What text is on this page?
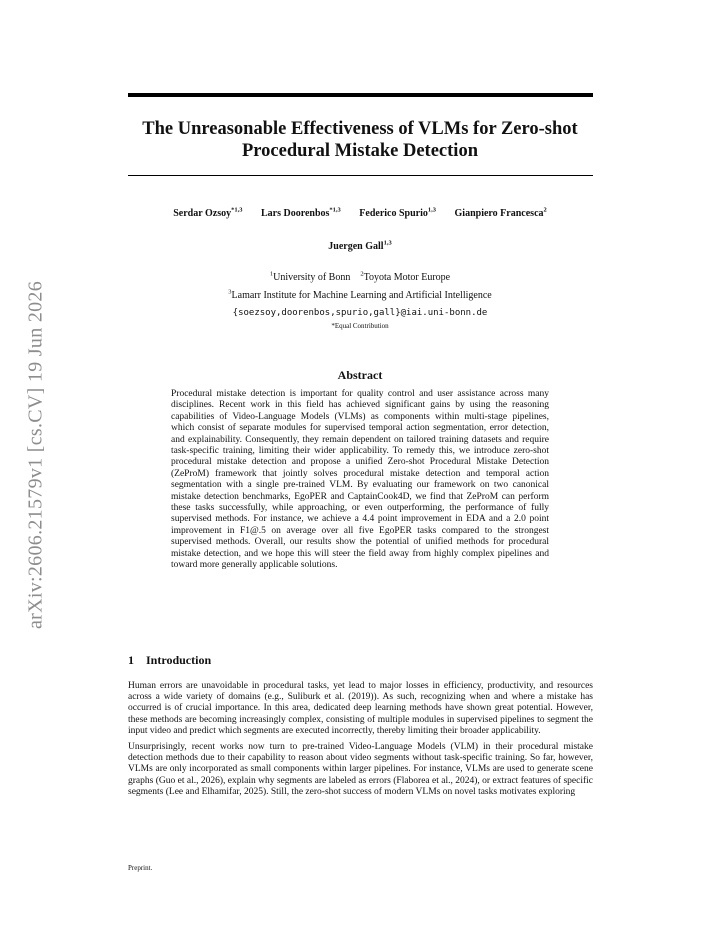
arXiv:2606.21579v1 [cs.CV] 19 Jun 2026
The Unreasonable Effectiveness of VLMs for Zero-shot Procedural Mistake Detection
Serdar Ozsoy$^{*1,3}$ Lars Doorenbos$^{*1,3}$ Federico Spurio$^{1,3}$ Gianpiero Francesca$^2$
Juergen Gall$^{1,3}$
$^1$University of Bonn $^2$Toyota Motor Europe
$^3$Lamarr Institute for Machine Learning and Artificial Intelligence
{soezsoy,doorenbos,spurio,gall}@iai.uni-bonn.de
*Equal Contribution
Abstract

Procedural mistake detection is important for quality control and user assistance across many disciplines. Recent work in this field has achieved significant gains by using the reasoning capabilities of Video-Language Models (VLMs) as components within multi-stage pipelines, which consist of separate modules for supervised temporal action segmentation, error detection, and explainability. Consequently, they remain dependent on tailored training datasets and require task-specific training, limiting their wider applicability. To remedy this, we introduce zero-shot procedural mistake detection and propose a unified Zero-shot Procedural Mistake Detection (ZeProM) framework that jointly solves procedural mistake detection and temporal action segmentation with a single pre-trained VLM. By evaluating our framework on two canonical mistake detection benchmarks, EgoPER and CaptainCook4D, we find that ZeProM can perform these tasks successfully, while approaching, or even outperforming, the performance of fully supervised methods. For instance, we achieve a 4.4 point improvement in EDA and a 2.0 point improvement in F1@.5 on average over all five EgoPER tasks compared to the strongest supervised methods. Overall, our results show the potential of unified methods for procedural mistake detection, and we hope this will steer the field away from highly complex pipelines and toward more generally applicable solutions.

1 Introduction

Human errors are unavoidable in procedural tasks, yet lead to major losses in efficiency, productivity, and resources across a wide variety of domains (e.g., Suliburk et al. (2019)). As such, recognizing when and where a mistake has occurred is of crucial importance. In this area, dedicated deep learning methods have shown great potential. However, these methods are becoming increasingly complex, consisting of multiple modules in supervised pipelines to segment the input video and predict which segments are executed incorrectly, thereby limiting their broader applicability.

Unsurprisingly, recent works now turn to pre-trained Video-Language Models (VLM) in their procedural mistake detection methods due to their capability to reason about video segments without task-specific training. So far, however, VLMs are only incorporated as small components within larger pipelines. For instance, VLMs are used to generate scene graphs (Guo et al., 2026), explain why segments are labeled as errors (Flaborea et al., 2024), or extract features of specific segments (Lee and Elhamifar, 2025). Still, the zero-shot success of modern VLMs on novel tasks motivates exploring

Preprint.
